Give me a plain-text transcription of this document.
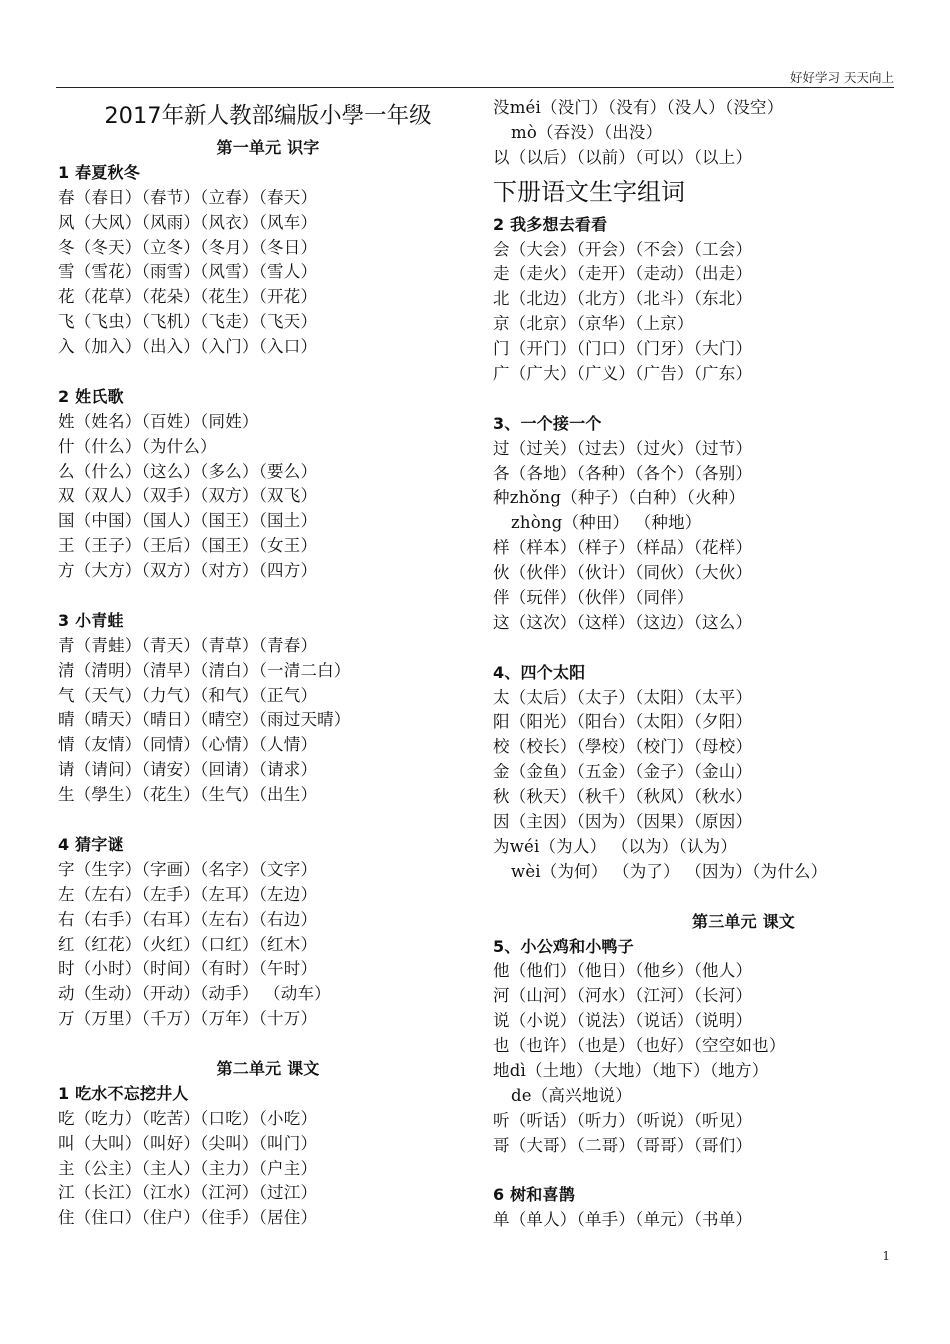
好好学习 天天向上
2017年新人教部编版小學一年级
第一单元 识字
1 春夏秋冬
春（春日）（春节）（立春）（春天）
风（大风）（风雨）（风衣）（风车）
冬（冬天）（立冬）（冬月）（冬日）
雪（雪花）（雨雪）（风雪）（雪人）
花（花草）（花朵）（花生）（开花）
飞（飞虫）（飞机）（飞走）（飞天）
入（加入）（出入）（入门）（入口）
2 姓氏歌
姓（姓名）（百姓）（同姓）
什（什么）（为什么）
么（什么）（这么）（多么）（要么）
双（双人）（双手）（双方）（双飞）
国（中国）（国人）（国王）（国土）
王（王子）（王后）（国王）（女王）
方（大方）（双方）（对方）（四方）
3 小青蛙
青（青蛙）（青天）（青草）（青春）
清（清明）（清早）（清白）（一清二白）
气（天气）（力气）（和气）（正气）
晴（晴天）（晴日）（晴空）（雨过天晴）
情（友情）（同情）（心情）（人情）
请（请问）（请安）（回请）（请求）
生（學生）（花生）（生气）（出生）
4 猜字谜
字（生字）（字画）（名字）（文字）
左（左右）（左手）（左耳）（左边）
右（右手）（右耳）（左右）（右边）
红（红花）（火红）（口红）（红木）
时（小时）（时间）（有时）（午时）
动（生动）（开动）（动手） （动车）
万（万里）（千万）（万年）（十万）
第二单元 课文
1 吃水不忘挖井人
吃（吃力）（吃苦）（口吃）（小吃）
叫（大叫）（叫好）（尖叫）（叫门）
主（公主）（主人）（主力）（户主）
江（长江）（江水）（江河）（过江）
住（住口）（住户）（住手）（居住）
没méi（没门）（没有）（没人）（没空）
mò（吞没）（出没）
以（以后）（以前）（可以）（以上）
下册语文生字组词
2 我多想去看看
会（大会）（开会）（不会）（工会）
走（走火）（走开）（走动）（出走）
北（北边）（北方）（北斗）（东北）
京（北京）（京华）（上京）
门（开门）（门口）（门牙）（大门）
广（广大）（广义）（广告）（广东）
3、一个接一个
过（过关）（过去）（过火）（过节）
各（各地）（各种）（各个）（各别）
种zhǒng（种子）（白种）（火种）
zhòng（种田） （种地）
样（样本）（样子）（样品）（花样）
伙（伙伴）（伙计）（同伙）（大伙）
伴（玩伴）（伙伴）（同伴）
这（这次）（这样）（这边）（这么）
4、四个太阳
太（太后）（太子）（太阳）（太平）
阳（阳光）（阳台）（太阳）（夕阳）
校（校长）（學校）（校门）（母校）
金（金鱼）（五金）（金子）（金山）
秋（秋天）（秋千）（秋风）（秋水）
因（主因）（因为）（因果）（原因）
为wéi（为人） （以为）（认为）
wèi（为何） （为了） （因为）（为什么）
第三单元 课文
5、小公鸡和小鸭子
他（他们）（他日）（他乡）（他人）
河（山河）（河水）（江河）（长河）
说（小说）（说法）（说话）（说明）
也（也许）（也是）（也好）（空空如也）
地dì（土地）（大地）（地下）（地方）
de（高兴地说）
听（听话）（听力）（听说）（听见）
哥（大哥）（二哥）（哥哥）（哥们）
6 树和喜鹊
单（单人）（单手）（单元）（书单）
1
